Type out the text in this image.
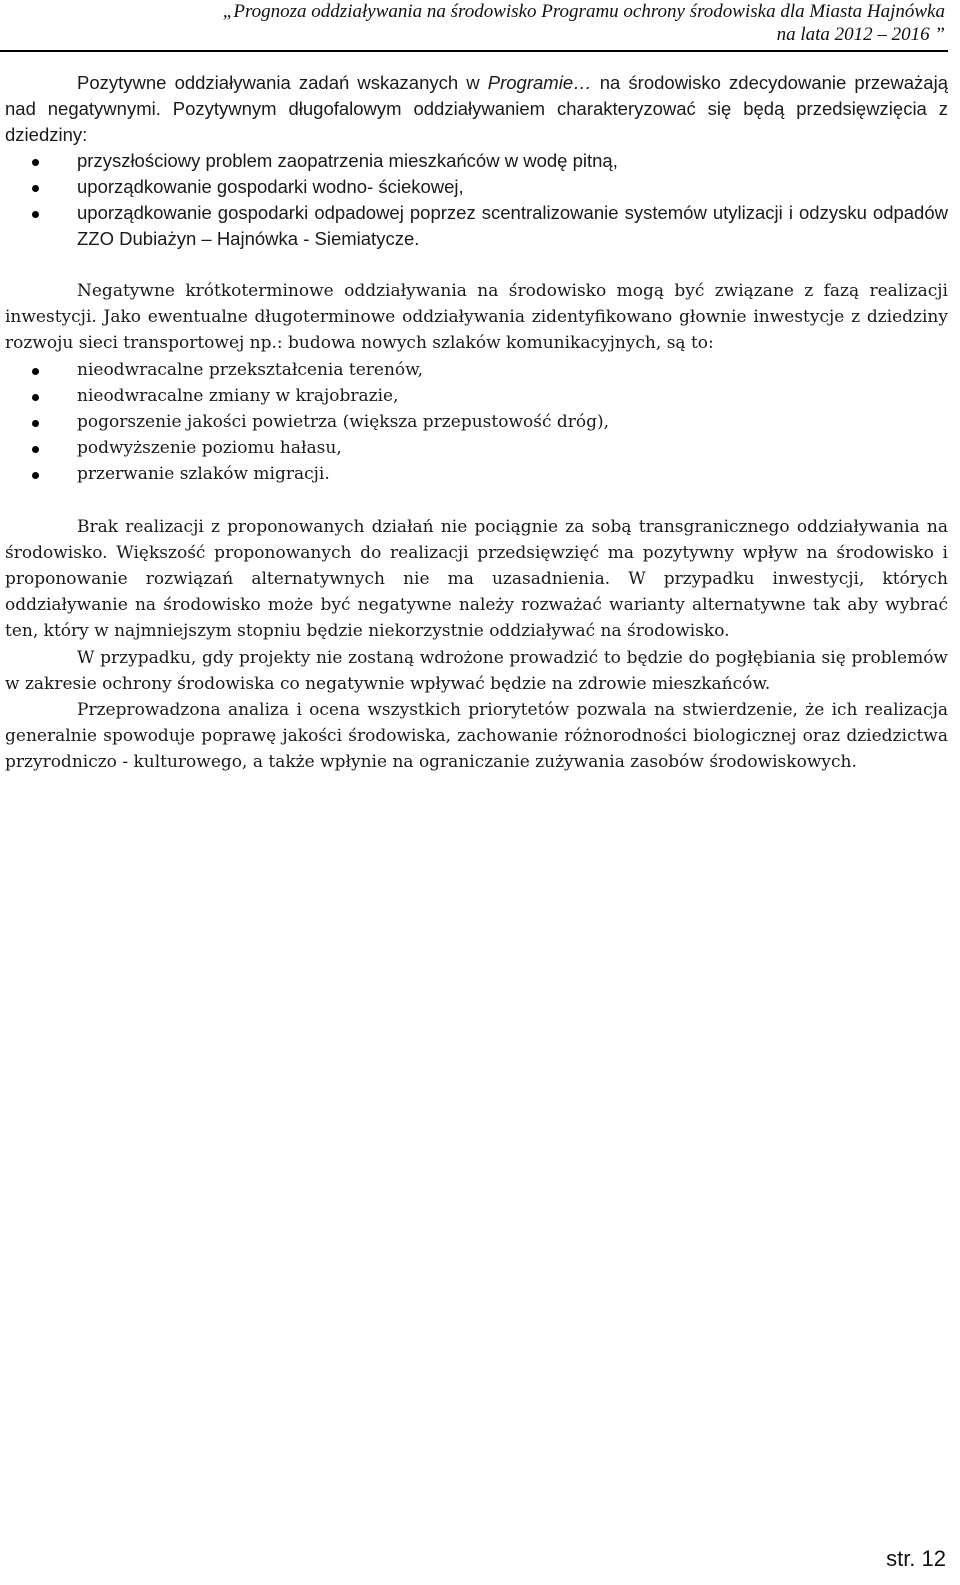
„Prognoza oddziaływania na środowisko Programu ochrony środowiska dla Miasta Hajnówka
na lata 2012 – 2016 ”

Pozytywne oddziaływania zadań wskazanych w Programie… na środowisko zdecydowanie przeważają nad negatywnymi. Pozytywnym długofalowym oddziaływaniem charakteryzować się będą przedsięwzięcia z dziedziny:

przyszłościowy problem zaopatrzenia mieszkańców w wodę pitną,
uporządkowanie gospodarki wodno- ściekowej,
uporządkowanie gospodarki odpadowej poprzez scentralizowanie systemów utylizacji i odzysku odpadów ZZO Dubiażyn – Hajnówka - Siemiatycze.

Negatywne krótkoterminowe oddziaływania na środowisko mogą być związane z fazą realizacji inwestycji. Jako ewentualne długoterminowe oddziaływania zidentyfikowano głownie inwestycje z dziedziny rozwoju sieci transportowej np.: budowa nowych szlaków komunikacyjnych, są to:

nieodwracalne przekształcenia terenów,
nieodwracalne zmiany w krajobrazie,
pogorszenie jakości powietrza (większa przepustowość dróg),
podwyższenie poziomu hałasu,
przerwanie szlaków migracji.

Brak realizacji z proponowanych działań nie pociągnie za sobą transgranicznego oddziaływania na środowisko. Większość proponowanych do realizacji przedsięwzięć ma pozytywny wpływ na środowisko i proponowanie rozwiązań alternatywnych nie ma uzasadnienia. W przypadku inwestycji, których oddziaływanie na środowisko może być negatywne należy rozważać warianty alternatywne tak aby wybrać ten, który w najmniejszym stopniu będzie niekorzystnie oddziaływać na środowisko.

W przypadku, gdy projekty nie zostaną wdrożone prowadzić to będzie do pogłębiania się problemów w zakresie ochrony środowiska co negatywnie wpływać będzie na zdrowie mieszkańców.

Przeprowadzona analiza i ocena wszystkich priorytetów pozwala na stwierdzenie, że ich realizacja generalnie spowoduje poprawę jakości środowiska, zachowanie różnorodności biologicznej oraz dziedzictwa przyrodniczo - kulturowego, a także wpłynie na ograniczanie zużywania zasobów środowiskowych.

str. 12
